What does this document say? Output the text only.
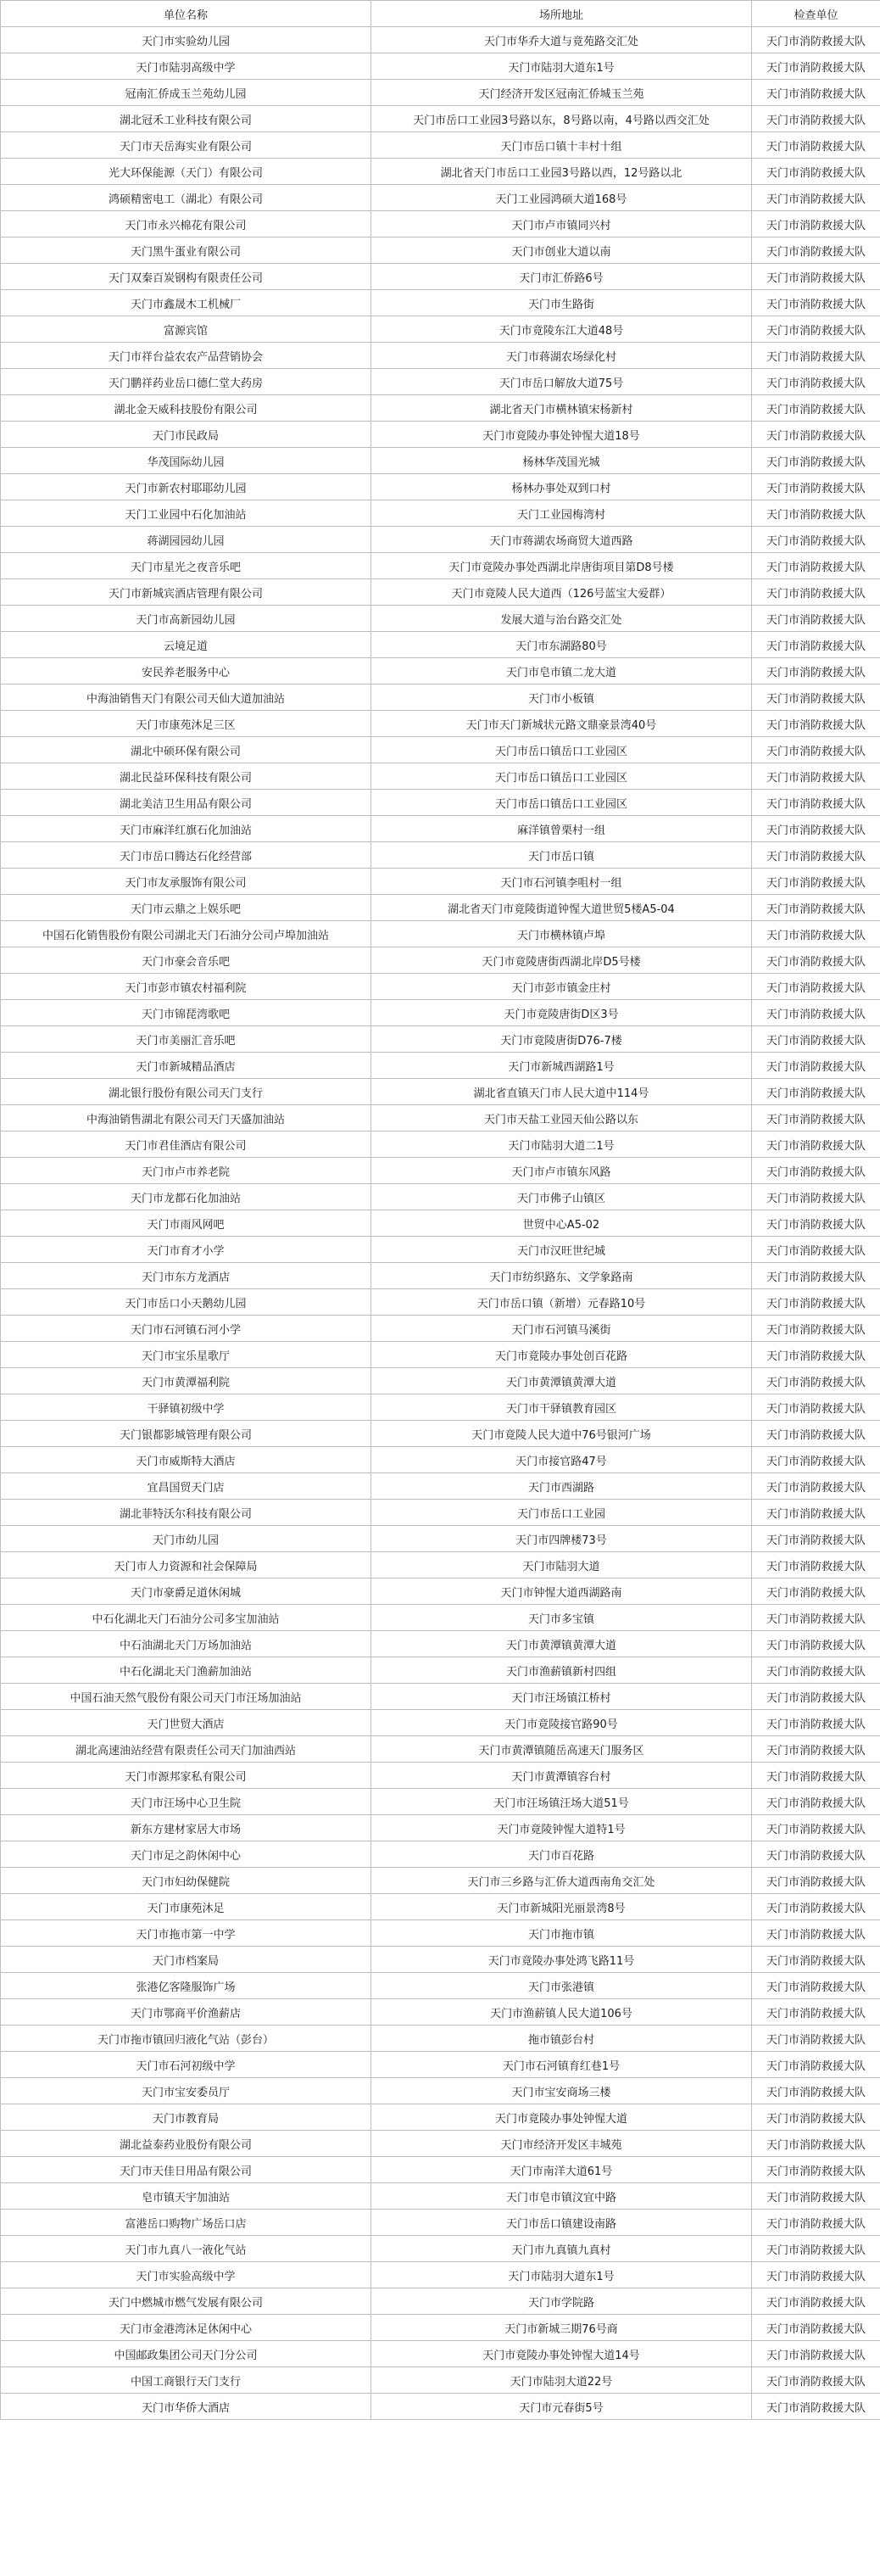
单位名称	场所地址	检查单位
天门市实验幼儿园	天门市华乔大道与竟苑路交汇处	天门市消防救援大队
天门市陆羽高级中学	天门市陆羽大道东1号	天门市消防救援大队
冠南汇侨成玉兰苑幼儿园	天门经济开发区冠南汇侨城玉兰苑	天门市消防救援大队
湖北冠禾工业科技有限公司	天门市岳口工业园3号路以东，8号路以南，4号路以西交汇处	天门市消防救援大队
天门市天岳海实业有限公司	天门市岳口镇十丰村十组	天门市消防救援大队
光大环保能源（天门）有限公司	湖北省天门市岳口工业园3号路以西，12号路以北	天门市消防救援大队
鸿硕精密电工（湖北）有限公司	天门工业园鸿硕大道168号	天门市消防救援大队
天门市永兴棉花有限公司	天门市卢市镇同兴村	天门市消防救援大队
天门黑牛蛋业有限公司	天门市创业大道以南	天门市消防救援大队
天门双秦百炭钢构有限责任公司	天门市汇侨路6号	天门市消防救援大队
天门市鑫晟木工机械厂	天门市生路街	天门市消防救援大队
富源宾馆	天门市竟陵东江大道48号	天门市消防救援大队
天门市祥台益农农产品营销协会	天门市蒋湖农场绿化村	天门市消防救援大队
天门鹏祥药业岳口德仁堂大药房	天门市岳口解放大道75号	天门市消防救援大队
湖北金天威科技股份有限公司	湖北省天门市横林镇宋杨新村	天门市消防救援大队
天门市民政局	天门市竟陵办事处钟惺大道18号	天门市消防救援大队
华茂国际幼儿园	杨林华茂国光城	天门市消防救援大队
天门市新农村耶耶幼儿园	杨林办事处双到口村	天门市消防救援大队
天门工业园中石化加油站	天门工业园梅湾村	天门市消防救援大队
蒋湖园园幼儿园	天门市蒋湖农场商贸大道西路	天门市消防救援大队
天门市星光之夜音乐吧	天门市竟陵办事处西湖北岸唐街项目第D8号楼	天门市消防救援大队
天门市新城宾酒店管理有限公司	天门市竟陵人民大道西（126号蓝宝大爱群）	天门市消防救援大队
天门市高新园幼儿园	发展大道与治台路交汇处	天门市消防救援大队
云境足道	天门市东湖路80号	天门市消防救援大队
安民养老服务中心	天门市皂市镇二龙大道	天门市消防救援大队
中海油销售天门有限公司天仙大道加油站	天门市小板镇	天门市消防救援大队
天门市康苑沐足三区	天门市天门新城状元路文鼎豪景湾40号	天门市消防救援大队
湖北中硕环保有限公司	天门市岳口镇岳口工业园区	天门市消防救援大队
湖北民益环保科技有限公司	天门市岳口镇岳口工业园区	天门市消防救援大队
湖北美洁卫生用品有限公司	天门市岳口镇岳口工业园区	天门市消防救援大队
天门市麻洋红旗石化加油站	麻洋镇曾栗村一组	天门市消防救援大队
天门市岳口腾达石化经营部	天门市岳口镇	天门市消防救援大队
天门市友承服饰有限公司	天门市石河镇李咀村一组	天门市消防救援大队
天门市云鼎之上娱乐吧	湖北省天门市竟陵街道钟惺大道世贸5楼A5-04	天门市消防救援大队
中国石化销售股份有限公司湖北天门石油分公司卢埠加油站	天门市横林镇卢埠	天门市消防救援大队
天门市豪会音乐吧	天门市竟陵唐街西湖北岸D5号楼	天门市消防救援大队
天门市彭市镇农村福利院	天门市彭市镇金庄村	天门市消防救援大队
天门市锦琵湾歌吧	天门市竟陵唐街D区3号	天门市消防救援大队
天门市美丽汇音乐吧	天门市竟陵唐街D76-7楼	天门市消防救援大队
天门市新城精品酒店	天门市新城西湖路1号	天门市消防救援大队
湖北银行股份有限公司天门支行	湖北省直镇天门市人民大道中114号	天门市消防救援大队
中海油销售湖北有限公司天门天盛加油站	天门市天盐工业园天仙公路以东	天门市消防救援大队
天门市君佳酒店有限公司	天门市陆羽大道二1号	天门市消防救援大队
天门市卢市养老院	天门市卢市镇东风路	天门市消防救援大队
天门市龙都石化加油站	天门市佛子山镇区	天门市消防救援大队
天门市雨风网吧	世贸中心A5-02	天门市消防救援大队
天门市育才小学	天门市汉旺世纪城	天门市消防救援大队
天门市东方龙酒店	天门市纺织路东、文学象路南	天门市消防救援大队
天门市岳口小天鹅幼儿园	天门市岳口镇（新增）元春路10号	天门市消防救援大队
天门市石河镇石河小学	天门市石河镇马溪街	天门市消防救援大队
天门市宝乐星歌厅	天门市竟陵办事处创百花路	天门市消防救援大队
天门市黄潭福利院	天门市黄潭镇黄潭大道	天门市消防救援大队
干驿镇初级中学	天门市干驿镇教育园区	天门市消防救援大队
天门银都影城管理有限公司	天门市竟陵人民大道中76号银河广场	天门市消防救援大队
天门市威斯特大酒店	天门市接官路47号	天门市消防救援大队
宜昌国贸天门店	天门市西湖路	天门市消防救援大队
湖北菲特沃尔科技有限公司	天门市岳口工业园	天门市消防救援大队
天门市幼儿园	天门市四牌楼73号	天门市消防救援大队
天门市人力资源和社会保障局	天门市陆羽大道	天门市消防救援大队
天门市豪爵足道休闲城	天门市钟惺大道西湖路南	天门市消防救援大队
中石化湖北天门石油分公司多宝加油站	天门市多宝镇	天门市消防救援大队
中石油湖北天门万场加油站	天门市黄潭镇黄潭大道	天门市消防救援大队
中石化湖北天门渔薪加油站	天门市渔薪镇新村四组	天门市消防救援大队
中国石油天然气股份有限公司天门市汪场加油站	天门市汪场镇江桥村	天门市消防救援大队
天门世贸大酒店	天门市竟陵接官路90号	天门市消防救援大队
湖北高速油站经营有限责任公司天门加油西站	天门市黄潭镇随岳高速天门服务区	天门市消防救援大队
天门市源邦家私有限公司	天门市黄潭镇容台村	天门市消防救援大队
天门市汪场中心卫生院	天门市汪场镇汪场大道51号	天门市消防救援大队
新东方建材家居大市场	天门市竟陵钟惺大道特1号	天门市消防救援大队
天门市足之韵休闲中心	天门市百花路	天门市消防救援大队
天门市妇幼保健院	天门市三乡路与汇侨大道西南角交汇处	天门市消防救援大队
天门市康苑沐足	天门市新城阳光丽景湾8号	天门市消防救援大队
天门市拖市第一中学	天门市拖市镇	天门市消防救援大队
天门市档案局	天门市竟陵办事处鸿飞路11号	天门市消防救援大队
张港亿客隆服饰广场	天门市张港镇	天门市消防救援大队
天门市鄂商平价渔薪店	天门市渔薪镇人民大道106号	天门市消防救援大队
天门市拖市镇回归液化气站（彭台）	拖市镇彭台村	天门市消防救援大队
天门市石河初级中学	天门市石河镇育红巷1号	天门市消防救援大队
天门市宝安委员厅	天门市宝安商场三楼	天门市消防救援大队
天门市教育局	天门市竟陵办事处钟惺大道	天门市消防救援大队
湖北益泰药业股份有限公司	天门市经济开发区丰城苑	天门市消防救援大队
天门市天佳日用品有限公司	天门市南洋大道61号	天门市消防救援大队
皂市镇天宇加油站	天门市皂市镇汶宜中路	天门市消防救援大队
富港岳口购物广场岳口店	天门市岳口镇建设南路	天门市消防救援大队
天门市九真八一液化气站	天门市九真镇九真村	天门市消防救援大队
天门市实验高级中学	天门市陆羽大道东1号	天门市消防救援大队
天门中燃城市燃气发展有限公司	天门市学院路	天门市消防救援大队
天门市金港湾沐足休闲中心	天门市新城三期76号商	天门市消防救援大队
中国邮政集团公司天门分公司	天门市竟陵办事处钟惺大道14号	天门市消防救援大队
中国工商银行天门支行	天门市陆羽大道22号	天门市消防救援大队
天门市华侨大酒店	天门市元春街5号	天门市消防救援大队
